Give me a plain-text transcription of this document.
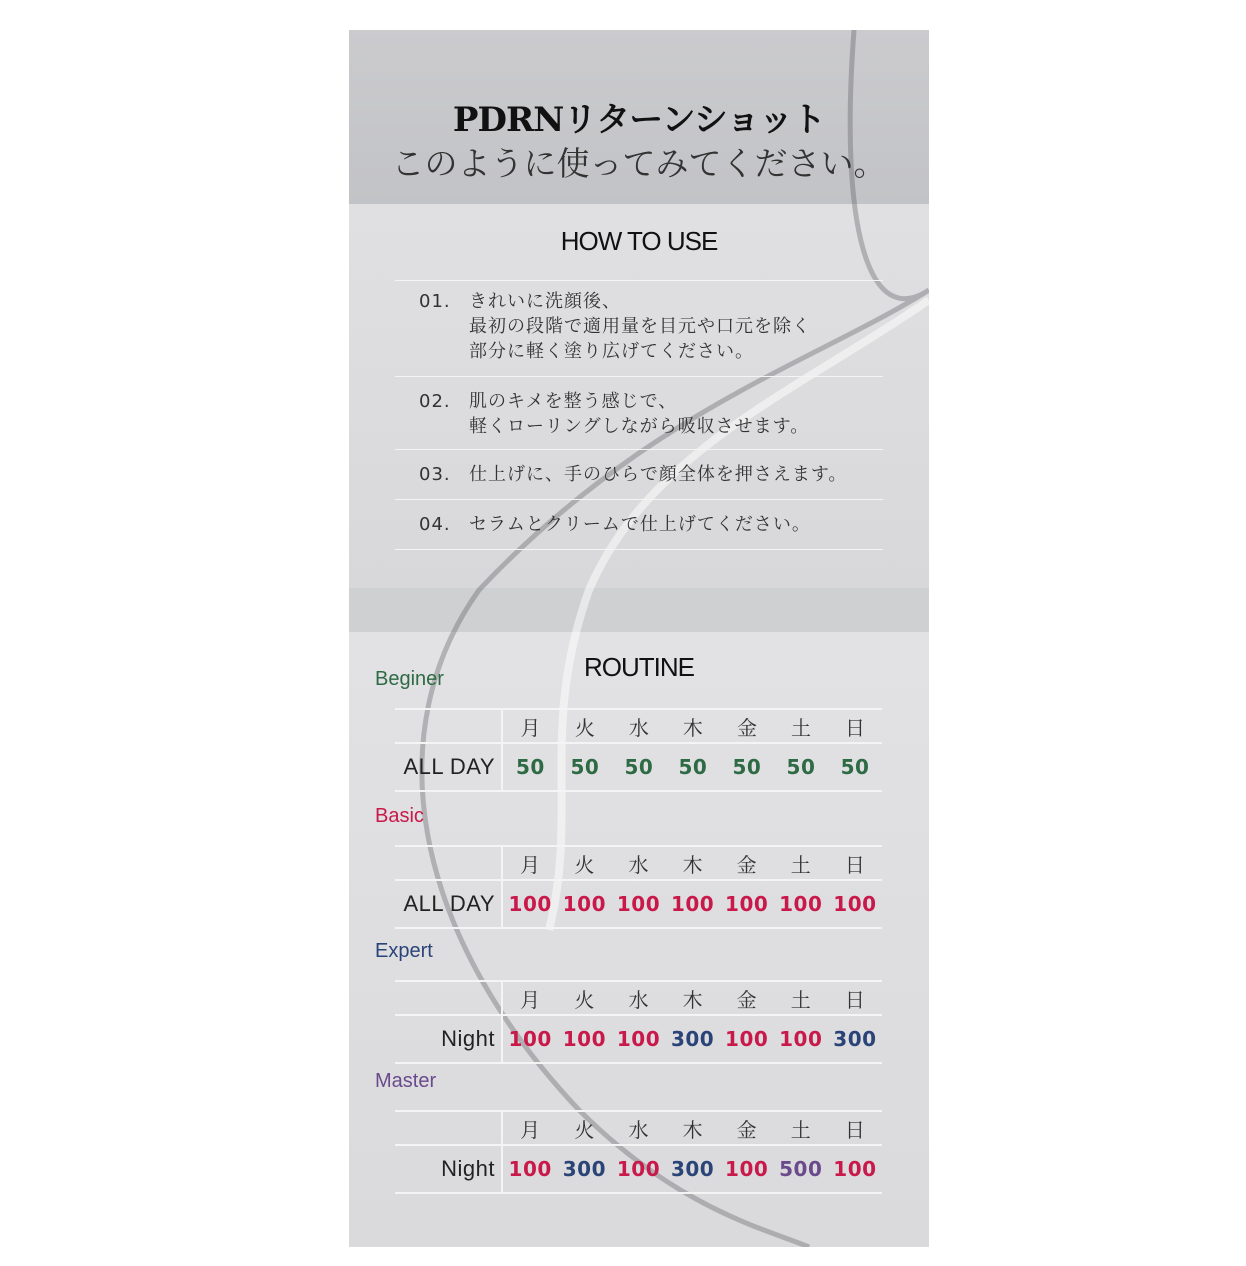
PDRNリターンショット
このように使ってみてください。
HOW TO USE
01.	きれいに洗顔後、
最初の段階で適用量を目元や口元を除く
部分に軽く塗り広げてください。
02.	肌のキメを整う感じで、
軽くローリングしながら吸収させます。
03.	仕上げに、手のひらで顔全体を押さえます。
04.	セラムとクリームで仕上げてください。
ROUTINE
Beginer
	月	火	水	木	金	土	日
ALL DAY	50	50	50	50	50	50	50
Basic
	月	火	水	木	金	土	日
ALL DAY	100	100	100	100	100	100	100
Expert
	月	火	水	木	金	土	日
Night	100	100	100	300	100	100	300
Master
	月	火	水	木	金	土	日
Night	100	300	100	300	100	500	100
